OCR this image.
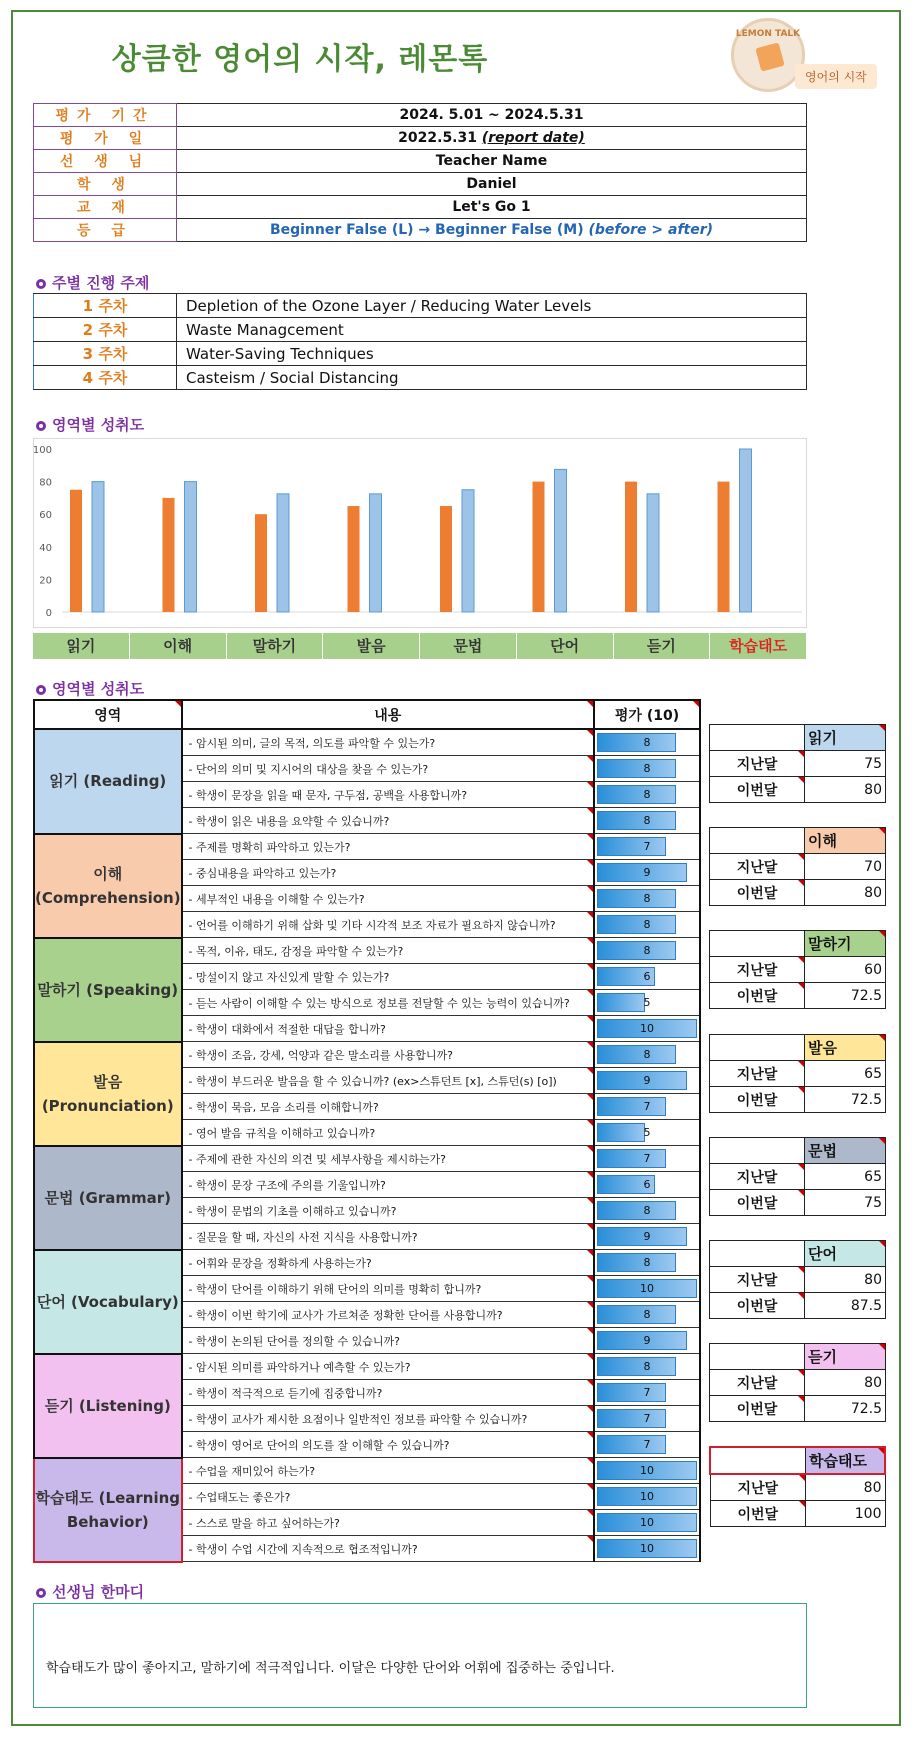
상큼한 영어의 시작, 레몬톡
LEMON TALK
영어의 시작
평가 기간	2024. 5.01 ~ 2024.5.31
평 가 일	2022.5.31 (report date)
선 생 님	Teacher Name
학 생	Daniel
교 재	Let's Go 1
등 급	Beginner False (L) → Beginner False (M) (before > after)
주별 진행 주제
1 주차	Depletion of the Ozone Layer / Reducing Water Levels
2 주차	Waste Managcement
3 주차	Water-Saving Techniques
4 주차	Casteism / Social Distancing
영역별 성취도
0
20
40
60
80
100
읽기	이해	말하기	발음	문법	단어	듣기	학습태도
영역별 성취도
영역	내용	평가 (10)
읽기 (Reading)	- 암시된 의미, 글의 목적, 의도를 파악할 수 있는가?	8

	- 단어의 의미 및 지시어의 대상을 찾을 수 있는가?	8

	- 학생이 문장을 읽을 때 문자, 구두점, 공백을 사용합니까?	8

	- 학생이 읽은 내용을 요약할 수 있습니까?	8

이해 (Comprehension)	- 주제를 명확히 파악하고 있는가?	7

	- 중심내용을 파악하고 있는가?	9

	- 세부적인 내용을 이해할 수 있는가?	8

	- 언어를 이해하기 위해 삽화 및 기타 시각적 보조 자료가 필요하지 않습니까?	8

말하기 (Speaking)	- 목적, 이유, 태도, 감정을 파악할 수 있는가?	8

	- 망설이지 않고 자신있게 말할 수 있는가?	6

	- 듣는 사람이 이해할 수 있는 방식으로 정보를 전달할 수 있는 능력이 있습니까?	5

	- 학생이 대화에서 적절한 대답을 합니까?	10

발음 (Pronunciation)	- 학생이 조음, 강세, 억양과 같은 말소리를 사용합니까?	8

	- 학생이 부드러운 발음을 할 수 있습니까? (ex>스튜던트 [x], 스튜던(s) [o])	9

	- 학생이 묵음, 모음 소리를 이해합니까?	7

	- 영어 발음 규칙을 이해하고 있습니까?	5

문법 (Grammar)	- 주제에 관한 자신의 의견 및 세부사항을 제시하는가?	7

	- 학생이 문장 구조에 주의를 기울입니까?	6

	- 학생이 문법의 기초를 이해하고 있습니까?	8

	- 질문을 할 때, 자신의 사전 지식을 사용합니까?	9

단어 (Vocabulary)	- 어휘와 문장을 정확하게 사용하는가?	8

	- 학생이 단어를 이해하기 위해 단어의 의미를 명확히 합니까?	10

	- 학생이 이번 학기에 교사가 가르쳐준 정확한 단어를 사용합니까?	8

	- 학생이 논의된 단어를 정의할 수 있습니까?	9

듣기 (Listening)	- 암시된 의미를 파악하거나 예측할 수 있는가?	8

	- 학생이 적극적으로 듣기에 집중합니까?	7

	- 학생이 교사가 제시한 요점이나 일반적인 정보를 파악할 수 있습니까?	7

	- 학생이 영어로 단어의 의도를 잘 이해할 수 있습니까?	7

학습태도 (Learning Behavior)	- 수업을 재미있어 하는가?	10

	- 수업태도는 좋은가?	10

	- 스스로 말을 하고 싶어하는가?	10

	- 학생이 수업 시간에 지속적으로 협조적입니까?	10
	읽기
지난달	75
이번달	80
	이해
지난달	70
이번달	80
	말하기
지난달	60
이번달	72.5
	발음
지난달	65
이번달	72.5
	문법
지난달	65
이번달	75
	단어
지난달	80
이번달	87.5
	듣기
지난달	80
이번달	72.5
	학습태도
지난달	80
이번달	100
선생님 한마디
학습태도가 많이 좋아지고, 말하기에 적극적입니다. 이달은 다양한 단어와 어휘에 집중하는 중입니다.
